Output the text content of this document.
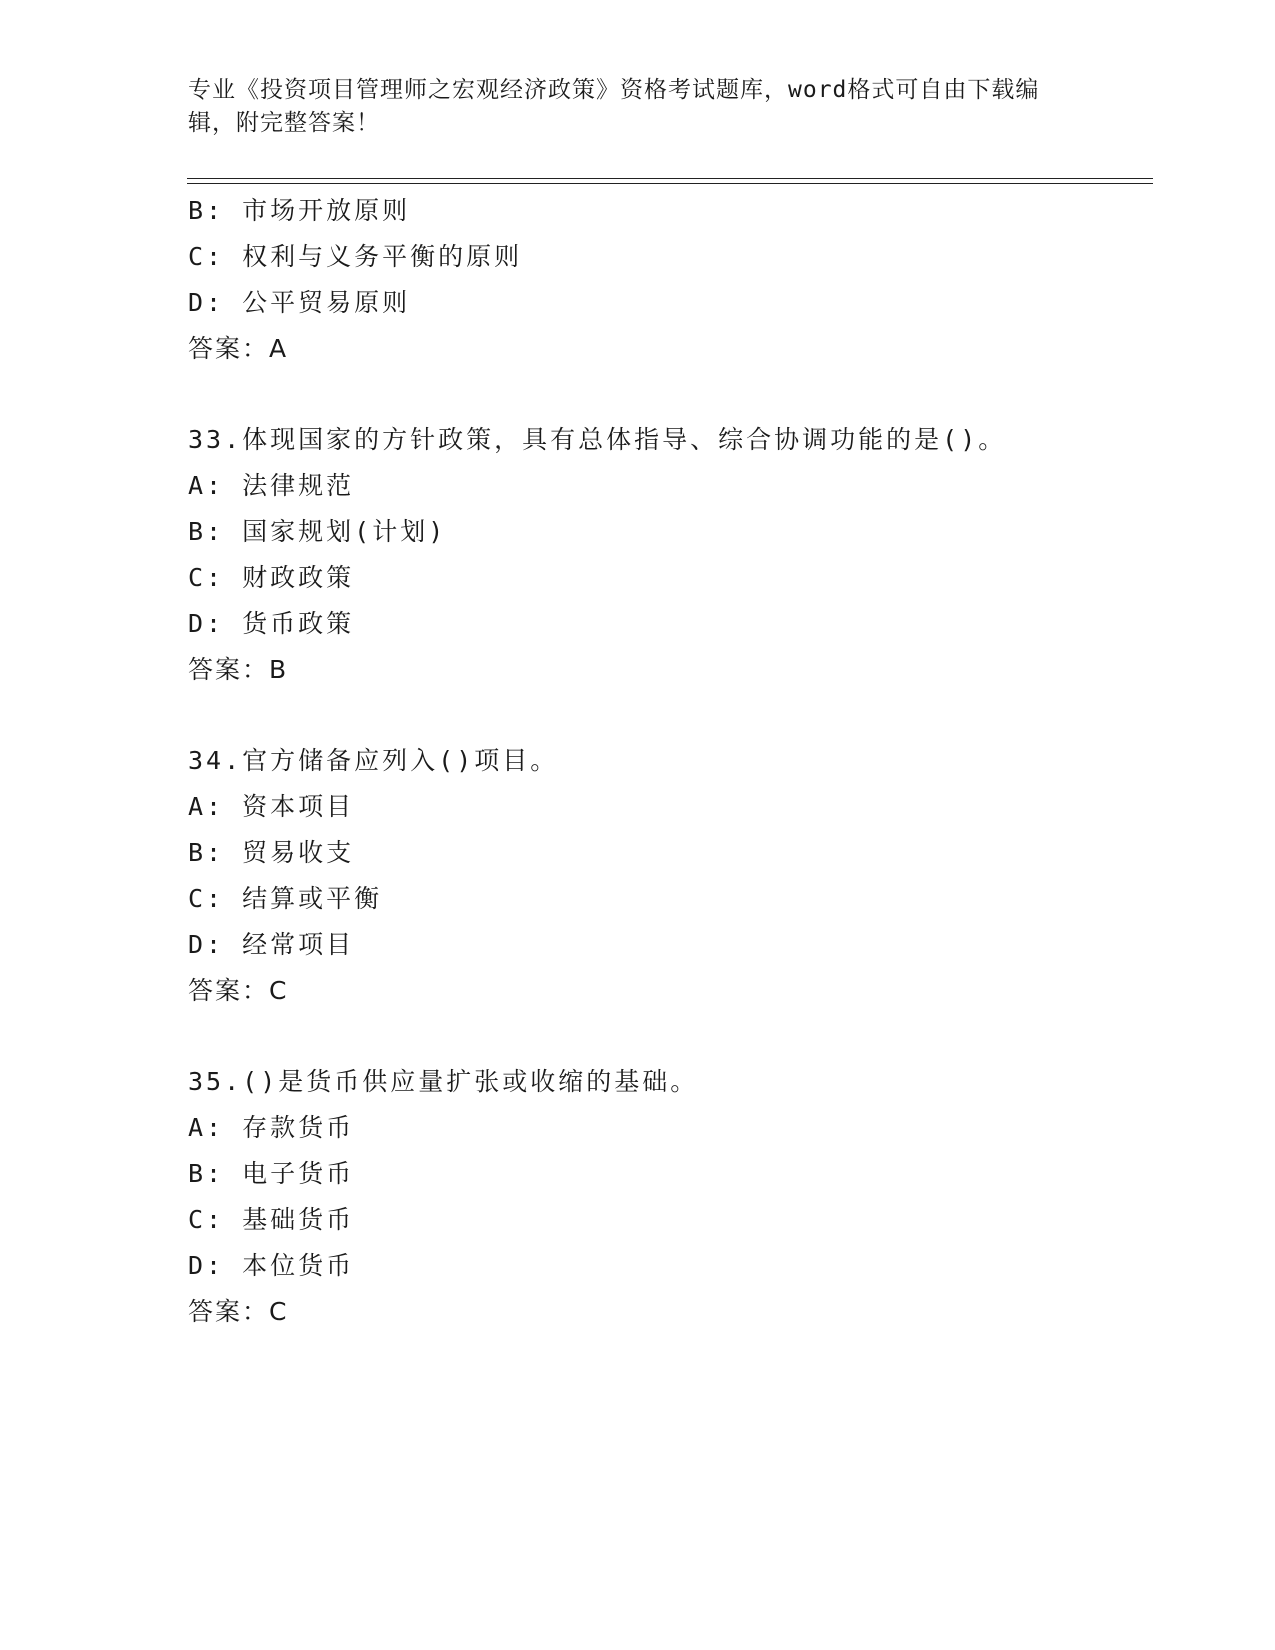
专业《投资项目管理师之宏观经济政策》资格考试题库，word格式可自由下载编
辑，附完整答案！
B: 市场开放原则
C: 权利与义务平衡的原则
D: 公平贸易原则
答案：A
33.体现国家的方针政策，具有总体指导、综合协调功能的是()。
A: 法律规范
B: 国家规划(计划)
C: 财政政策
D: 货币政策
答案：B
34.官方储备应列入()项目。
A: 资本项目
B: 贸易收支
C: 结算或平衡
D: 经常项目
答案：C
35.()是货币供应量扩张或收缩的基础。
A: 存款货币
B: 电子货币
C: 基础货币
D: 本位货币
答案：C
